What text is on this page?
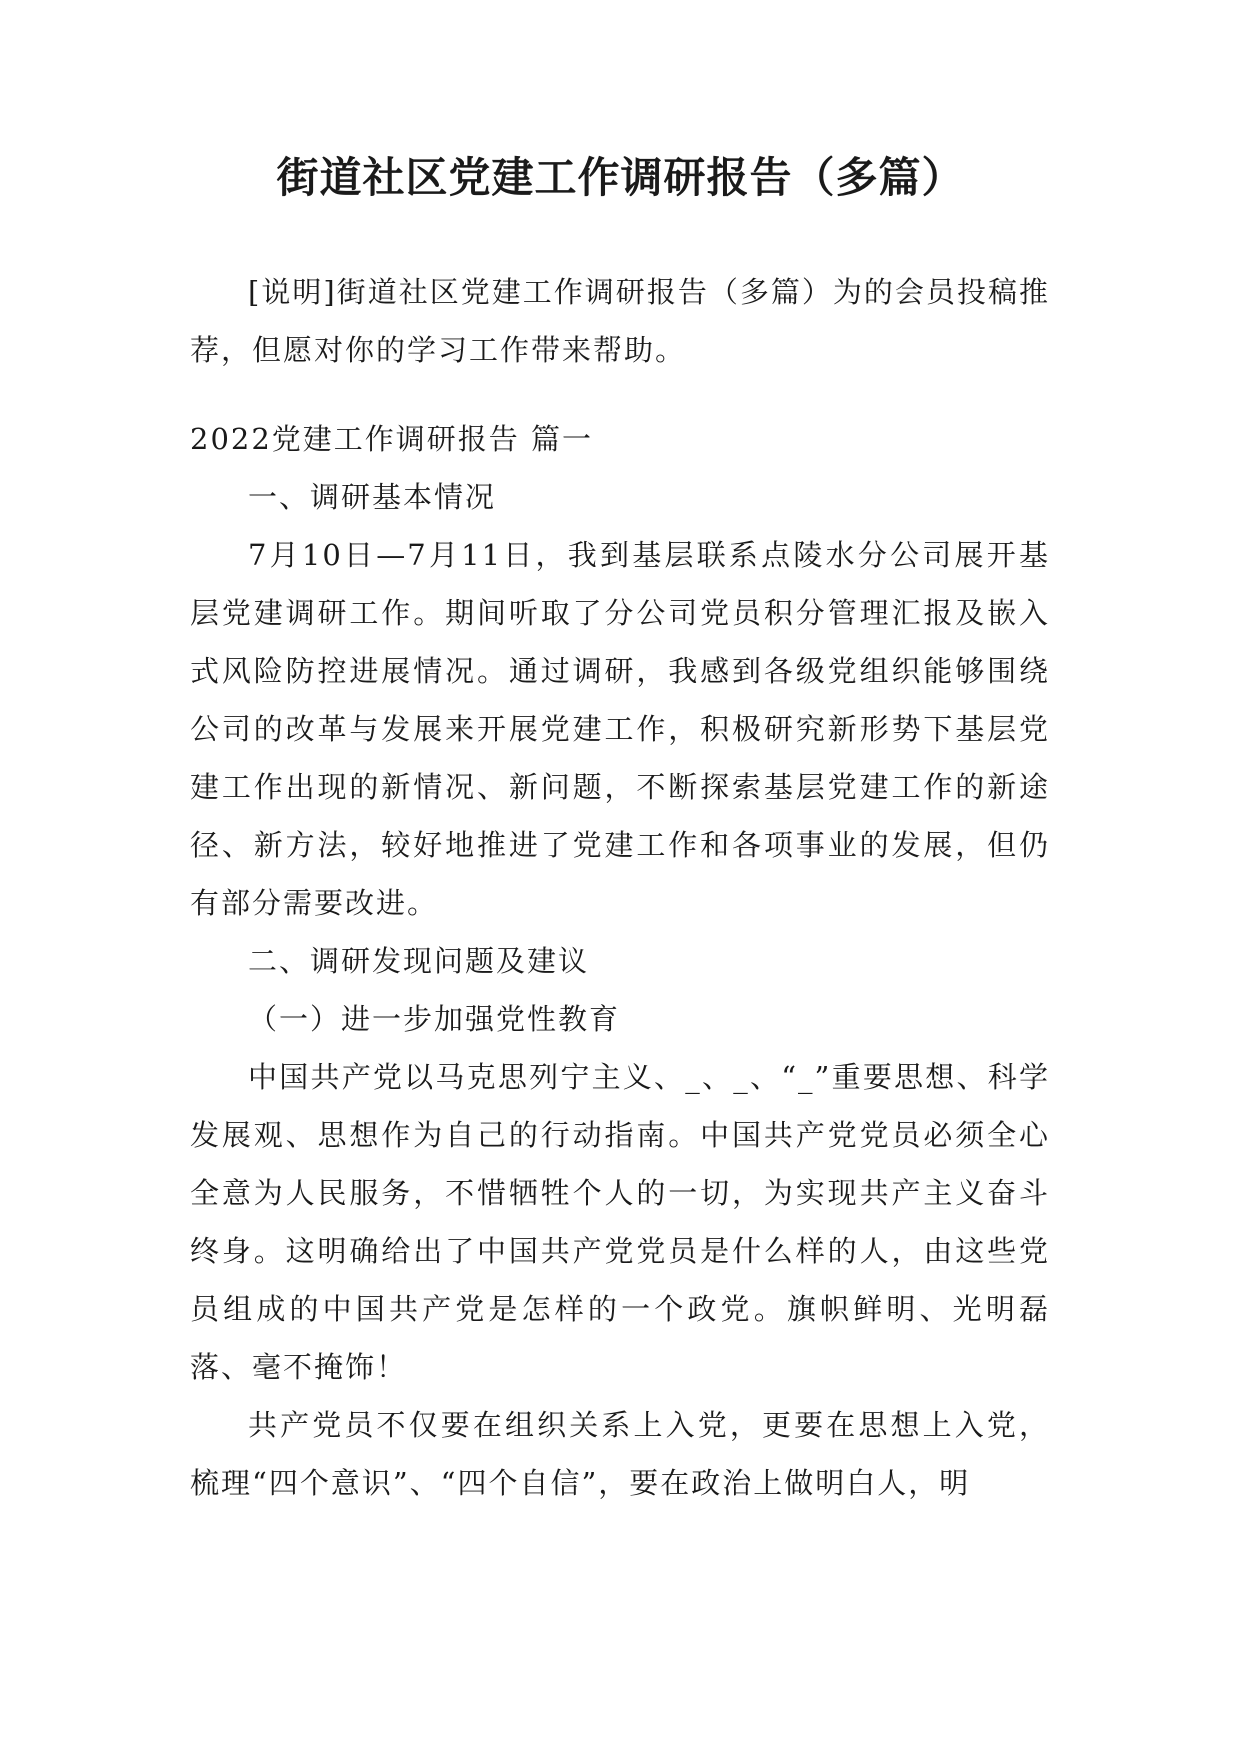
街道社区党建工作调研报告（多篇）

[说明]街道社区党建工作调研报告（多篇）为的会员投稿推荐，但愿对你的学习工作带来帮助。

2022党建工作调研报告 篇一

一、调研基本情况

7月10日—7月11日，我到基层联系点陵水分公司展开基层党建调研工作。期间听取了分公司党员积分管理汇报及嵌入式风险防控进展情况。通过调研，我感到各级党组织能够围绕公司的改革与发展来开展党建工作，积极研究新形势下基层党建工作出现的新情况、新问题，不断探索基层党建工作的新途径、新方法，较好地推进了党建工作和各项事业的发展，但仍有部分需要改进。

二、调研发现问题及建议

（一）进一步加强党性教育

中国共产党以马克思列宁主义、_、_、“_”重要思想、科学发展观、思想作为自己的行动指南。中国共产党党员必须全心全意为人民服务，不惜牺牲个人的一切，为实现共产主义奋斗终身。这明确给出了中国共产党党员是什么样的人，由这些党员组成的中国共产党是怎样的一个政党。旗帜鲜明、光明磊落、毫不掩饰！

共产党员不仅要在组织关系上入党，更要在思想上入党，梳理“四个意识”、“四个自信”，要在政治上做明白人，明
